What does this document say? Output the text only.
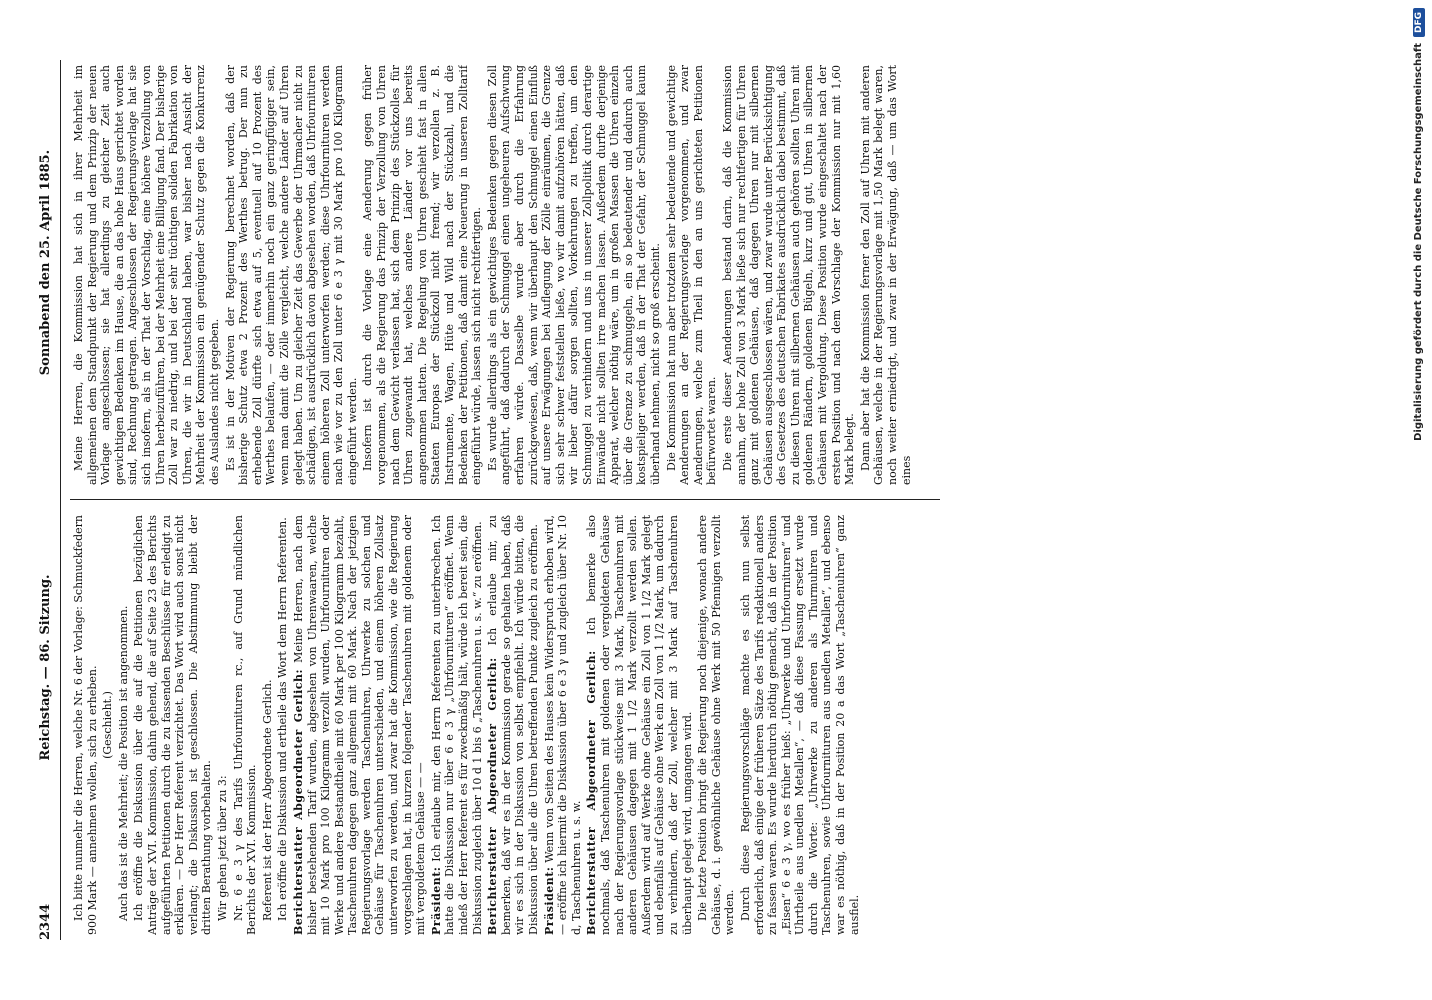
2344
Reichstag. — 86. Sitzung.
Sonnabend den 25. April 1885.

Ich bitte nunmehr die Herren, welche Nr. 6 der Vorlage: Schmuckfedern 900 Mark — annehmen wollen, sich zu erheben. (Geschieht.) Auch das ist die Mehrheit; die Position ist angenommen. Ich eröffne die Diskussion über die auf die Petitionen bezüglichen Anträge der XVI. Kommission, dahin gehend, die auf Seite 23 des Berichts aufgeführten Petitionen durch die zu fassenden Beschlüsse für erledigt zu erklären. — Der Herr Referent verzichtet. Das Wort wird auch sonst nicht verlangt; die Diskussion ist geschlossen. Die Abstimmung bleibt der dritten Berathung vorbehalten. Wir gehen jetzt über zu 3: Nr. 6 e 3 γ des Tarifs Uhrfournituren rc., auf Grund mündlichen Berichts der XVI. Kommission. Referent ist der Herr Abgeordnete Gerlich. Ich eröffne die Diskussion und ertheile das Wort dem Herrn Referenten. Berichterstatter Abgeordneter Gerlich: Meine Herren, nach dem bisher bestehenden Tarif wurden, abgesehen von Uhrenwaaren, welche mit 10 Mark pro 100 Kilogramm verzollt wurden, Uhrfournituren oder Werke und andere Bestandtheile mit 60 Mark per 100 Kilogramm bezahlt, Taschenuhren dagegen ganz allgemein mit 60 Mark. Nach der jetzigen Regierungsvorlage werden Taschenuhren, Uhrwerke zu solchen und Gehäuse für Taschenuhren unterschieden, und einem höheren Zollsatz unterworfen zu werden, und zwar hat die Kommission, wie die Regierung vorgeschlagen hat, in kurzen folgender Taschenuhren mit goldenem oder mit vergoldetem Gehäuse — — Präsident: Ich erlaube mir, den Herrn Referenten zu unterbrechen. Ich hatte die Diskussion nur über 6 e 3 γ „Uhrfournituren“ eröffnet. Wenn indeß der Herr Referent es für zweckmäßig hält, würde ich bereit sein, die Diskussion zugleich über 10 d 1 bis 6 „Taschenuhren u. s. w.“ zu eröffnen. Berichterstatter Abgeordneter Gerlich: Ich erlaube mir, zu bemerken, daß wir es in der Kommission gerade so gehalten haben, daß wir es sich in der Diskussion von selbst empfiehlt. Ich würde bitten, die Diskussion über alle die Uhren betreffenden Punkte zugleich zu eröffnen. Präsident: Wenn von Seiten des Hauses kein Widerspruch erhoben wird, — eröffne ich hiermit die Diskussion über 6 e 3 γ und zugleich über Nr. 10 d, Taschenuhren u. s. w. Berichterstatter Abgeordneter Gerlich: Ich bemerke also nochmals, daß Taschenuhren mit goldenen oder vergoldeten Gehäuse nach der Regierungsvorlage stückweise mit 3 Mark, Taschenuhren mit anderen Gehäusen dagegen mit 1 1/2 Mark verzollt werden sollen. Außerdem wird auf Werke ohne Gehäuse ein Zoll von 1 1/2 Mark gelegt und ebenfalls auf Gehäuse ohne Werk ein Zoll von 1 1/2 Mark, um dadurch zu verhindern, daß der Zoll, welcher mit 3 Mark auf Taschenuhren überhaupt gelegt wird, umgangen wird. Die letzte Position bringt die Regierung noch diejenige, wonach andere Gehäuse, d. i. gewöhnliche Gehäuse ohne Werk mit 50 Pfennigen verzollt werden. Durch diese Regierungsvorschläge machte es sich nun selbst erforderlich, daß einige der früheren Sätze des Tarifs redaktionell anders zu fassen waren. Es wurde hierdurch nöthig gemacht, daß in der Position „Eisen“ 6 e 3 γ, wo es früher hieß: „Uhrwerke und Uhrfournituren“ und Uhrtheile aus unedlen Metallen“, — daß diese Fassung ersetzt wurde durch die Worte: „Uhrwerke zu anderen als Thurmuhren und Taschenuhren, sowie Uhrfournituren aus unedlen Metallen“, und ebenso war es nöthig, daß in der Position 20 a das Wort „Taschenuhren“ ganz ausfiel.

Meine Herren, die Kommission hat sich in ihrer Mehrheit im allgemeinen dem Standpunkt der Regierung und dem Prinzip der neuen Vorlage angeschlossen; sie hat allerdings zu gleicher Zeit auch gewichtigen Bedenken im Hause, die an das hohe Haus gerichtet worden sind, Rechnung getragen. Angeschlossen der Regierungsvorlage hat sie sich insofern, als in der That der Vorschlag, eine höhere Verzollung von Uhren herbeizuführen, bei der Mehrheit eine Billigung fand. Der bisherige Zoll war zu niedrig, und bei der sehr tüchtigen soliden Fabrikation von Uhren, die wir in Deutschland haben, war bisher nach Ansicht der Mehrheit der Kommission ein genügender Schutz gegen die Konkurrenz des Auslandes nicht gegeben. Es ist in der Motiven der Regierung berechnet worden, daß der bisherige Schutz etwa 2 Prozent des Werthes betrug. Der nun zu erhebende Zoll dürfte sich etwa auf 5, eventuell auf 10 Prozent des Werthes belaufen, — oder immerhin noch ein ganz geringfügiger sein, wenn man damit die Zölle vergleicht, welche andere Länder auf Uhren gelegt haben. Um zu gleicher Zeit das Gewerbe der Uhrmacher nicht zu schädigen, ist ausdrücklich davon abgesehen worden, daß Uhrfournituren einem höheren Zoll unterworfen werden; diese Uhrfournituren werden nach wie vor zu den Zoll unter 6 e 3 γ mit 30 Mark pro 100 Kilogramm eingeführt werden. Insofern ist durch die Vorlage eine Aenderung gegen früher vorgenommen, als die Regierung das Prinzip der Verzollung von Uhren nach dem Gewicht verlassen hat, sich dem Prinzip des Stückzolles für Uhren zugewandt hat, welches andere Länder vor uns bereits angenommen hatten. Die Regelung von Uhren geschieht fast in allen Staaten Europas der Stückzoll nicht fremd; wir verzollen z. B. Instrumente, Wagen, Hüte und Wild nach der Stückzahl, und die Bedenken der Petitionen, daß damit eine Neuerung in unseren Zolltarif eingeführt würde, lassen sich nicht rechtfertigen. Es wurde allerdings als ein gewichtiges Bedenken gegen diesen Zoll angeführt, daß dadurch der Schmuggel einen ungeheuren Aufschwung erfahren würde. Dasselbe wurde aber durch die Erfahrung zurückgewiesen, daß, wenn wir überhaupt den Schmuggel einen Einfluß auf unsere Erwägungen bei Auflegung der Zölle einräumen, die Grenze sich sehr schwer feststellen ließe, wo wir damit aufzuhören hätten, daß wir lieber dafür sorgen sollten, Vorkehrungen zu treffen, um den Schmuggel zu verhindern und uns in unserer Zollpolitik durch derartige Einwände nicht sollten irre machen lassen. Außerdem durfte derjenige Apparat, welcher nöthig wäre, um in großen Massen die Uhren einzeln über die Grenze zu schmuggeln, ein so bedeutender und dadurch auch kostspieliger werden, daß in der That der Gefahr, der Schmuggel kaum überhand nehmen, nicht so groß erscheint. Die Kommission hat nun aber trotzdem sehr bedeutende und gewichtige Aenderungen an der Regierungsvorlage vorgenommen, und zwar Aenderungen, welche zum Theil in den an uns gerichteten Petitionen befürwortet waren. Die erste dieser Aenderungen bestand darin, daß die Kommission annahm, der hohe Zoll von 3 Mark ließe sich nur rechtfertigen für Uhren ganz mit goldenen Gehäusen, daß dagegen Uhren nur mit silbernen Gehäusen ausgeschlossen wären, und zwar wurde unter Berücksichtigung des Gesetzes des deutschen Fabrikates ausdrücklich dabei bestimmt, daß zu diesen Uhren mit silbernen Gehäusen auch gehören sollten Uhren mit goldenen Rändern, goldenen Bügeln, kurz und gut, Uhren in silbernen Gehäusen mit Vergoldung. Diese Position wurde eingeschaltet nach der ersten Position und nach dem Vorschlage der Kommission nur mit 1,60 Mark belegt. Dann aber hat die Kommission ferner den Zoll auf Uhren mit anderen Gehäusen, welche in der Regierungsvorlage mit 1,50 Mark belegt waren, noch weiter erniedrigt, und zwar in der Erwägung, daß — um das Wort eines

Digitalisierung gefördert durch die Deutsche Forschungsgemeinschaft
DFG
